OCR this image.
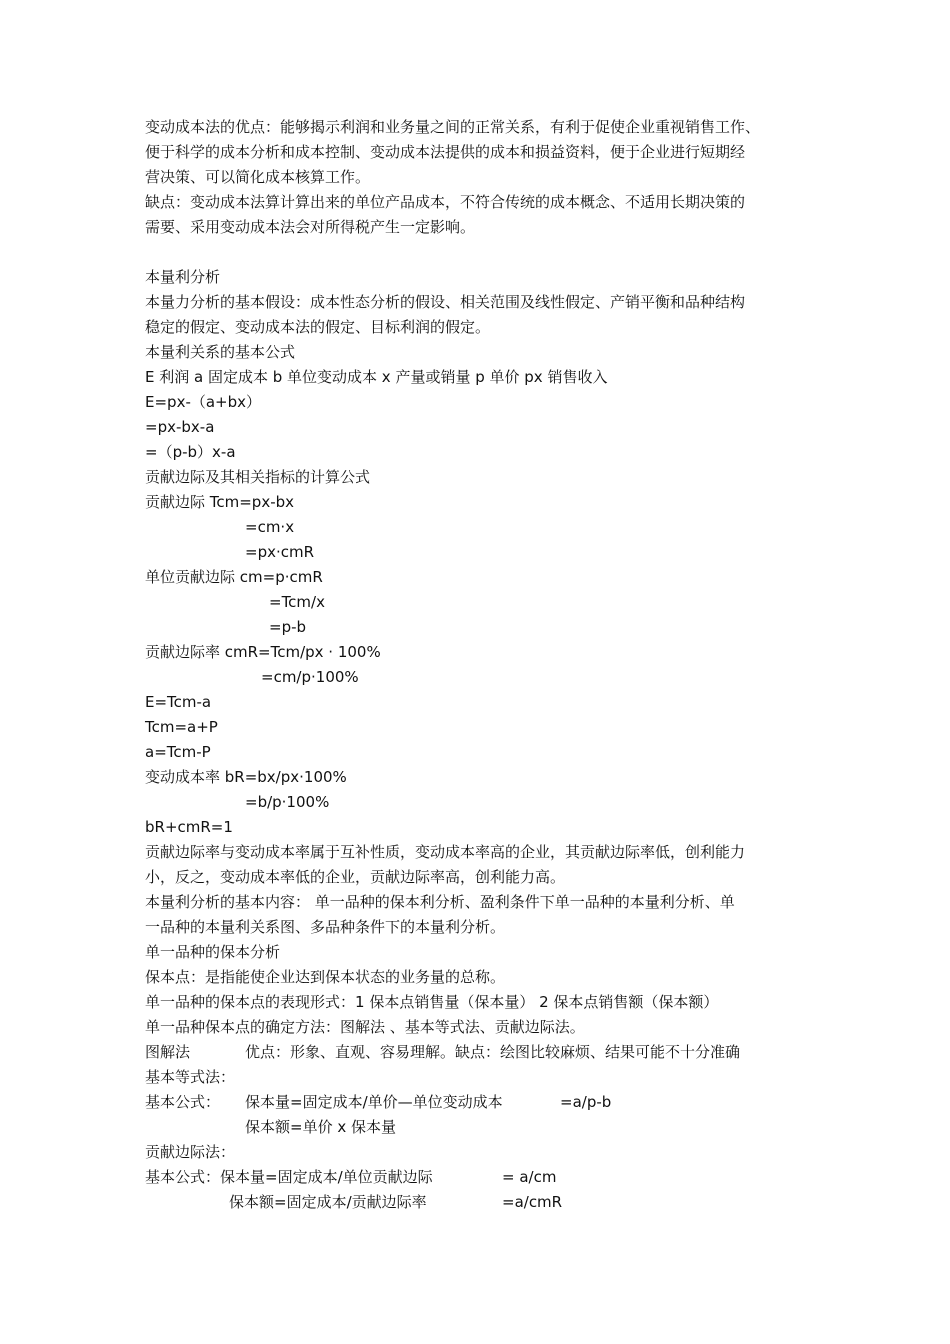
变动成本法的优点：能够揭示利润和业务量之间的正常关系，有利于促使企业重视销售工作、
便于科学的成本分析和成本控制、变动成本法提供的成本和损益资料，便于企业进行短期经
营决策、可以简化成本核算工作。
缺点：变动成本法算计算出来的单位产品成本，不符合传统的成本概念、不适用长期决策的
需要、采用变动成本法会对所得税产生一定影响。
本量利分析
本量力分析的基本假设：成本性态分析的假设、相关范围及线性假定、产销平衡和品种结构
稳定的假定、变动成本法的假定、目标利润的假定。
本量利关系的基本公式
E 利润 a 固定成本 b 单位变动成本 x 产量或销量 p 单价 px 销售收入
E=px-（a+bx）
=px-bx-a
=（p-b）x-a
贡献边际及其相关指标的计算公式
贡献边际 Tcm=px-bx
=cm·x
=px·cmR
单位贡献边际 cm=p·cmR
=Tcm/x
=p-b
贡献边际率 cmR=Tcm/px · 100%
=cm/p·100%
E=Tcm-a
Tcm=a+P
a=Tcm-P
变动成本率 bR=bx/px·100%
=b/p·100%
bR+cmR=1
贡献边际率与变动成本率属于互补性质，变动成本率高的企业，其贡献边际率低，创利能力
小，反之，变动成本率低的企业，贡献边际率高，创利能力高。
本量利分析的基本内容： 单一品种的保本利分析、盈利条件下单一品种的本量利分析、单
一品种的本量利关系图、多品种条件下的本量利分析。
单一品种的保本分析
保本点：是指能使企业达到保本状态的业务量的总称。
单一品种的保本点的表现形式：1 保本点销售量（保本量） 2 保本点销售额（保本额）
单一品种保本点的确定方法：图解法 、基本等式法、贡献边际法。
图解法	优点：形象、直观、容易理解。缺点：绘图比较麻烦、结果可能不十分准确
基本等式法：
基本公式： 保本量=固定成本/单价—单位变动成本	=a/p-b
保本额=单价 x 保本量
贡献边际法：
基本公式：保本量=固定成本/单位贡献边际	= a/cm
保本额=固定成本/贡献边际率	=a/cmR
